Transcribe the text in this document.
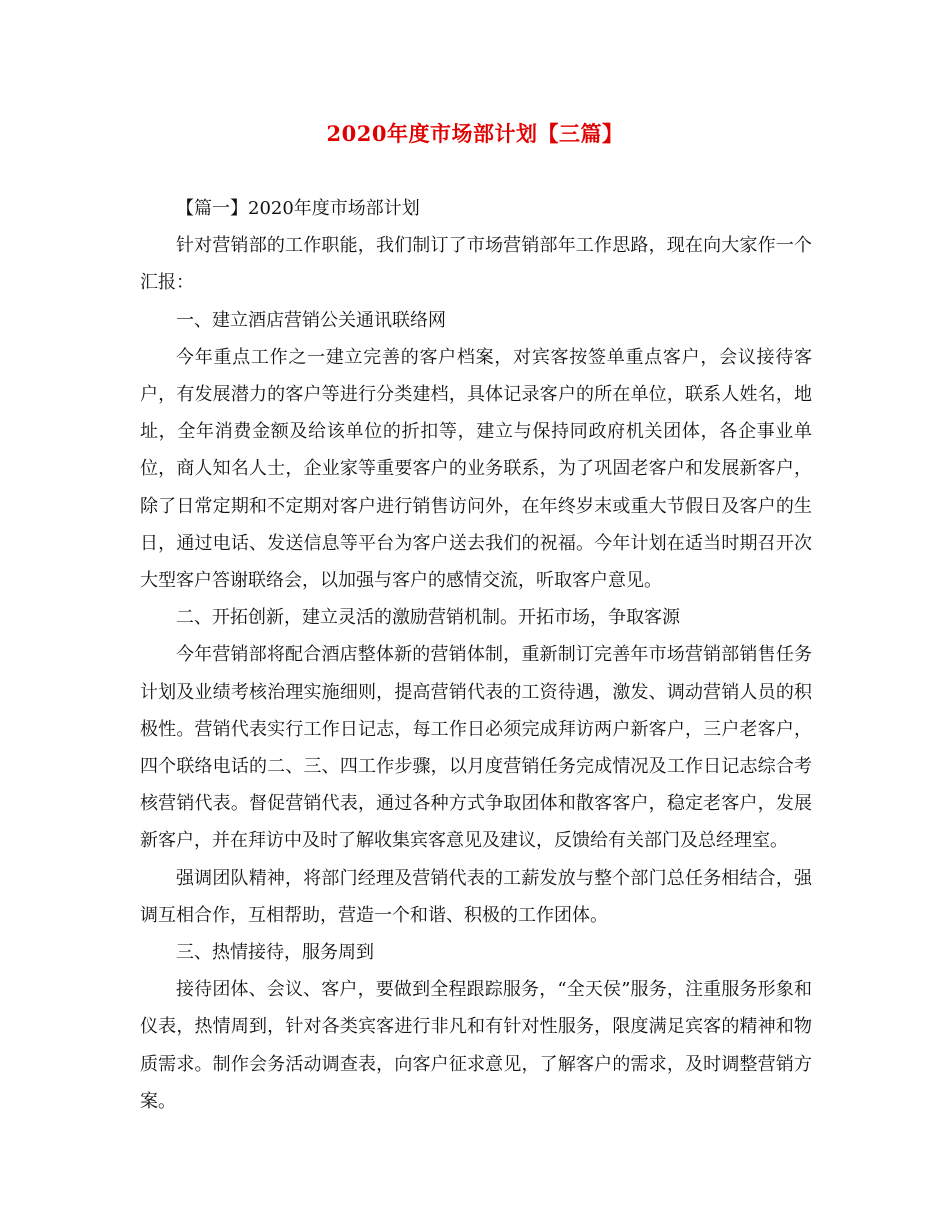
2020年度市场部计划【三篇】

【篇一】2020年度市场部计划

针对营销部的工作职能，我们制订了市场营销部年工作思路，现在向大家作一个汇报：

一、建立酒店营销公关通讯联络网

今年重点工作之一建立完善的客户档案，对宾客按签单重点客户，会议接待客户，有发展潜力的客户等进行分类建档，具体记录客户的所在单位，联系人姓名，地址，全年消费金额及给该单位的折扣等，建立与保持同政府机关团体，各企事业单位，商人知名人士，企业家等重要客户的业务联系，为了巩固老客户和发展新客户，除了日常定期和不定期对客户进行销售访问外，在年终岁末或重大节假日及客户的生日，通过电话、发送信息等平台为客户送去我们的祝福。今年计划在适当时期召开次大型客户答谢联络会，以加强与客户的感情交流，听取客户意见。

二、开拓创新，建立灵活的激励营销机制。开拓市场，争取客源

今年营销部将配合酒店整体新的营销体制，重新制订完善年市场营销部销售任务计划及业绩考核治理实施细则，提高营销代表的工资待遇，激发、调动营销人员的积极性。营销代表实行工作日记志，每工作日必须完成拜访两户新客户，三户老客户，四个联络电话的二、三、四工作步骤，以月度营销任务完成情况及工作日记志综合考核营销代表。督促营销代表，通过各种方式争取团体和散客客户，稳定老客户，发展新客户，并在拜访中及时了解收集宾客意见及建议，反馈给有关部门及总经理室。

强调团队精神，将部门经理及营销代表的工薪发放与整个部门总任务相结合，强调互相合作，互相帮助，营造一个和谐、积极的工作团体。

三、热情接待，服务周到

接待团体、会议、客户，要做到全程跟踪服务，“全天侯”服务，注重服务形象和仪表，热情周到，针对各类宾客进行非凡和有针对性服务，限度满足宾客的精神和物质需求。制作会务活动调查表，向客户征求意见，了解客户的需求，及时调整营销方案。
